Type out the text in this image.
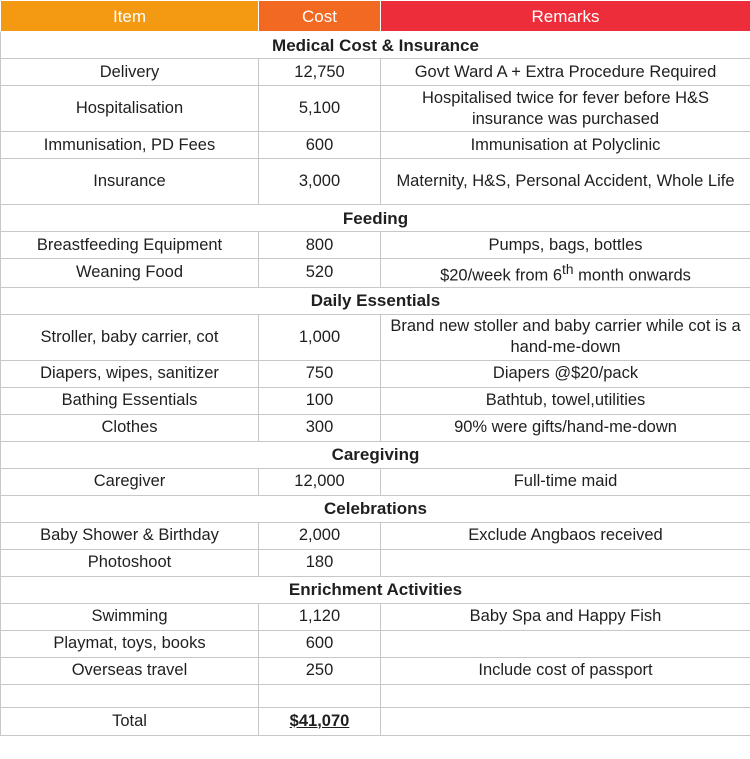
Item	Cost	Remarks
Medical Cost & Insurance		
Delivery	12,750	Govt Ward A + Extra Procedure Required
Hospitalisation	5,100	Hospitalised twice for fever before H&S insurance was purchased
Immunisation, PD Fees	600	Immunisation at Polyclinic
Insurance	3,000	Maternity, H&S, Personal Accident, Whole Life
Feeding		
Breastfeeding Equipment	800	Pumps, bags, bottles
Weaning Food	520	$20/week from 6th month onwards
Daily Essentials		
Stroller, baby carrier, cot	1,000	Brand new stoller and baby carrier while cot is a hand-me-down
Diapers, wipes, sanitizer	750	Diapers @$20/pack
Bathing Essentials	100	Bathtub, towel,utilities
Clothes	300	90% were gifts/hand-me-down
Caregiving		
Caregiver	12,000	Full-time maid
Celebrations		
Baby Shower & Birthday	2,000	Exclude Angbaos received
Photoshoot	180	
Enrichment Activities		
Swimming	1,120	Baby Spa and Happy Fish
Playmat, toys, books	600	
Overseas travel	250	Include cost of passport

Total	$41,070	
